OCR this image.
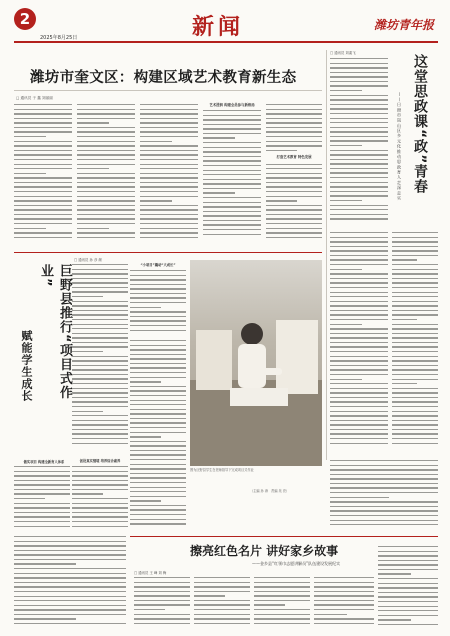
2
2025年8月25日	新闻	潍坊青年报
潍坊市奎文区：构建区域艺术教育新生态
□ 通讯员 于 鑫 刘丽丽
艺术浸润 构建全员参与新格局
打造艺术教育 特色发展
□ 通讯员 刘素飞
这堂思政课“政”青春
——日照市岚山区多元化推动思政育人走深走实
□ 通讯员 孙 彦 颜
巨野县推行“项目式作业”
赋能学生成长
做实项目 构建全新育人体系
“小项目”撬动“大成长”
创设真实情境 培养综合素养
图为巨野县学生在老师指导下完成项目式作业
（主编 孙 涛　责编 吴 亮）
擦亮红色名片 讲好家乡故事
——金乡县“红领巾志愿讲解员”队伍建设发展纪实
□ 通讯员 王 峰 刘 梅
